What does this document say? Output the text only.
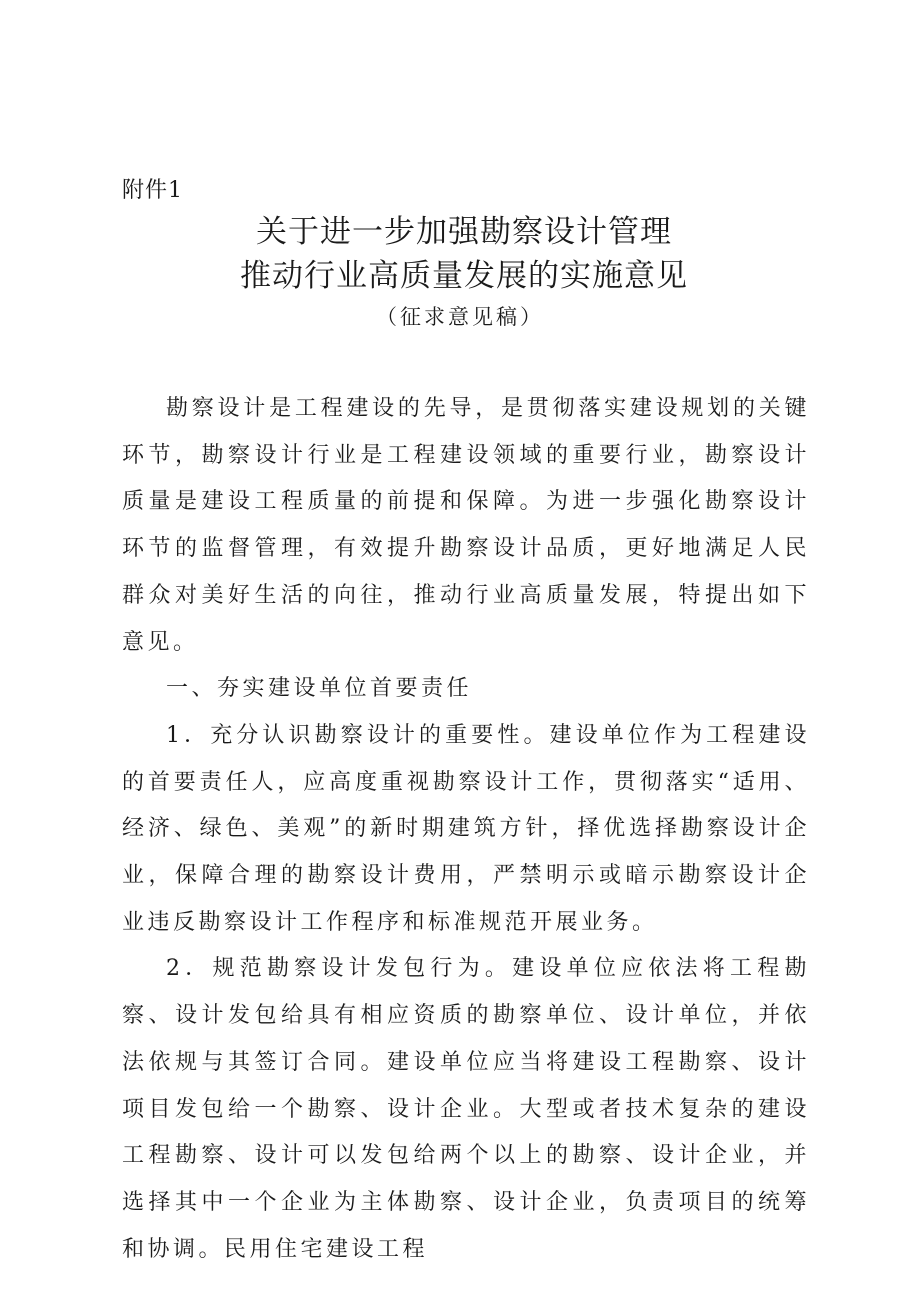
附件1
关于进一步加强勘察设计管理
推动行业高质量发展的实施意见
（征求意见稿）

勘察设计是工程建设的先导，是贯彻落实建设规划的关键环节，勘察设计行业是工程建设领域的重要行业，勘察设计质量是建设工程质量的前提和保障。为进一步强化勘察设计环节的监督管理，有效提升勘察设计品质，更好地满足人民群众对美好生活的向往，推动行业高质量发展，特提出如下意见。

一、夯实建设单位首要责任

1．充分认识勘察设计的重要性。建设单位作为工程建设的首要责任人，应高度重视勘察设计工作，贯彻落实“适用、经济、绿色、美观”的新时期建筑方针，择优选择勘察设计企业，保障合理的勘察设计费用，严禁明示或暗示勘察设计企业违反勘察设计工作程序和标准规范开展业务。

2．规范勘察设计发包行为。建设单位应依法将工程勘察、设计发包给具有相应资质的勘察单位、设计单位，并依法依规与其签订合同。建设单位应当将建设工程勘察、设计项目发包给一个勘察、设计企业。大型或者技术复杂的建设工程勘察、设计可以发包给两个以上的勘察、设计企业，并选择其中一个企业为主体勘察、设计企业，负责项目的统筹和协调。民用住宅建设工程
